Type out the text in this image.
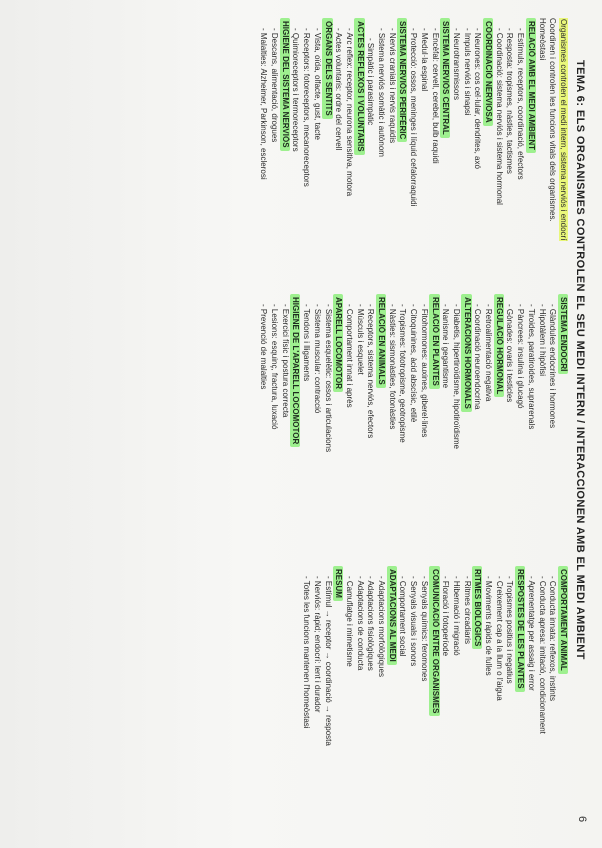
TEMA 6: ELS ORGANISMES CONTROLEN EL SEU MEDI INTERN / INTERACCIONEN AMB EL MEDI AMBIENT
6
Organismes controlen el medi intern, sistema nerviós i endocrí
Coordinen i controlen les funcions vitals dels organismes.
Homeòstasi
RELACIÓ AMB EL MEDI AMBIENT
- Estímuls, receptors, coordinació, efectors
- Resposta: tropismes, nàsties, tactismes
- Coordinació: sistema nerviós i sistema hormonal
COORDINACIÓ NERVIOSA
- Neurones: cos cel·lular, dendrites, axó
- Impuls nerviós i sinapsi
- Neurotransmissors
SISTEMA NERVIÓS CENTRAL
- Encèfal: cervell, cerebel, bulb raquidi
- Medul·la espinal
- Protecció: ossos, meninges i líquid cefalorraquidi
SISTEMA NERVIÓS PERIFÈRIC
- Nervis cranials i nervis raquidis
- Sistema nerviós somàtic i autònom
- Simpàtic i parasimpàtic
ACTES REFLEXOS I VOLUNTARIS
- Arc reflex: receptor, neurona sensitiva, motora
- Actes voluntaris: ordre del cervell
ÒRGANS DELS SENTITS
- Vista, oïda, olfacte, gust, tacte
- Receptors: fotoreceptors, mecanoreceptors
- Quimioreceptors i termoreceptors
HIGIENE DEL SISTEMA NERVIÓS
- Descans, alimentació, drogues
- Malalties: Alzheimer, Parkinson, esclerosi
SISTEMA ENDOCRÍ
- Glàndules endocrines i hormones
- Hipotàlem i hipòfisi
- Tiroides, paratiroides, suprarenals
- Pàncrees: insulina i glucagó
- Gònades: ovaris i testicles
REGULACIÓ HORMONAL
- Retroalimentació negativa
- Coordinació neuroendocrina
ALTERACIONS HORMONALS
- Diabetis, hipertiroïdisme, hipotiroïdisme
- Nanisme i gegantisme
RELACIÓ EN PLANTES
- Fitohormones: auxines, giberel·lines
- Citoquinines, àcid abscísic, etilè
- Tropismes: fototropisme, geotropisme
- Nàsties: sismonàsties, fotonàsties
RELACIÓ EN ANIMALS
- Receptors, sistema nerviós, efectors
- Músculs i esquelet
- Comportament innat i après
APARELL LOCOMOTOR
- Sistema esquelètic: ossos i articulacions
- Sistema muscular: contracció
- Tendons i lligaments
HIGIENE DE L'APARELL LOCOMOTOR
- Exercici físic i postura correcta
- Lesions: esquinç, fractura, luxació
- Prevenció de malalties
COMPORTAMENT ANIMAL
- Conducta innata: reflexos, instints
- Conducta apresa: imitació, condicionament
- Aprenentatge per assaig i error
RESPOSTES DE LES PLANTES
- Tropismes positius i negatius
- Creixement cap a la llum o l'aigua
- Moviments ràpids de fulles
RITMES BIOLÒGICS
- Ritmes circadiaris
- Hibernació i migració
- Floració i fotoperíode
COMUNICACIÓ ENTRE ORGANISMES
- Senyals químics: feromones
- Senyals visuals i sonors
- Comportament social
ADAPTACIONS AL MEDI
- Adaptacions morfològiques
- Adaptacions fisiològiques
- Adaptacions de conducta
- Camuflatge i mimetisme
RESUM
- Estímul → receptor → coordinació → resposta
- Nerviós: ràpid; endocrí: lent i durador
- Totes les funcions mantenen l'homeòstasi
